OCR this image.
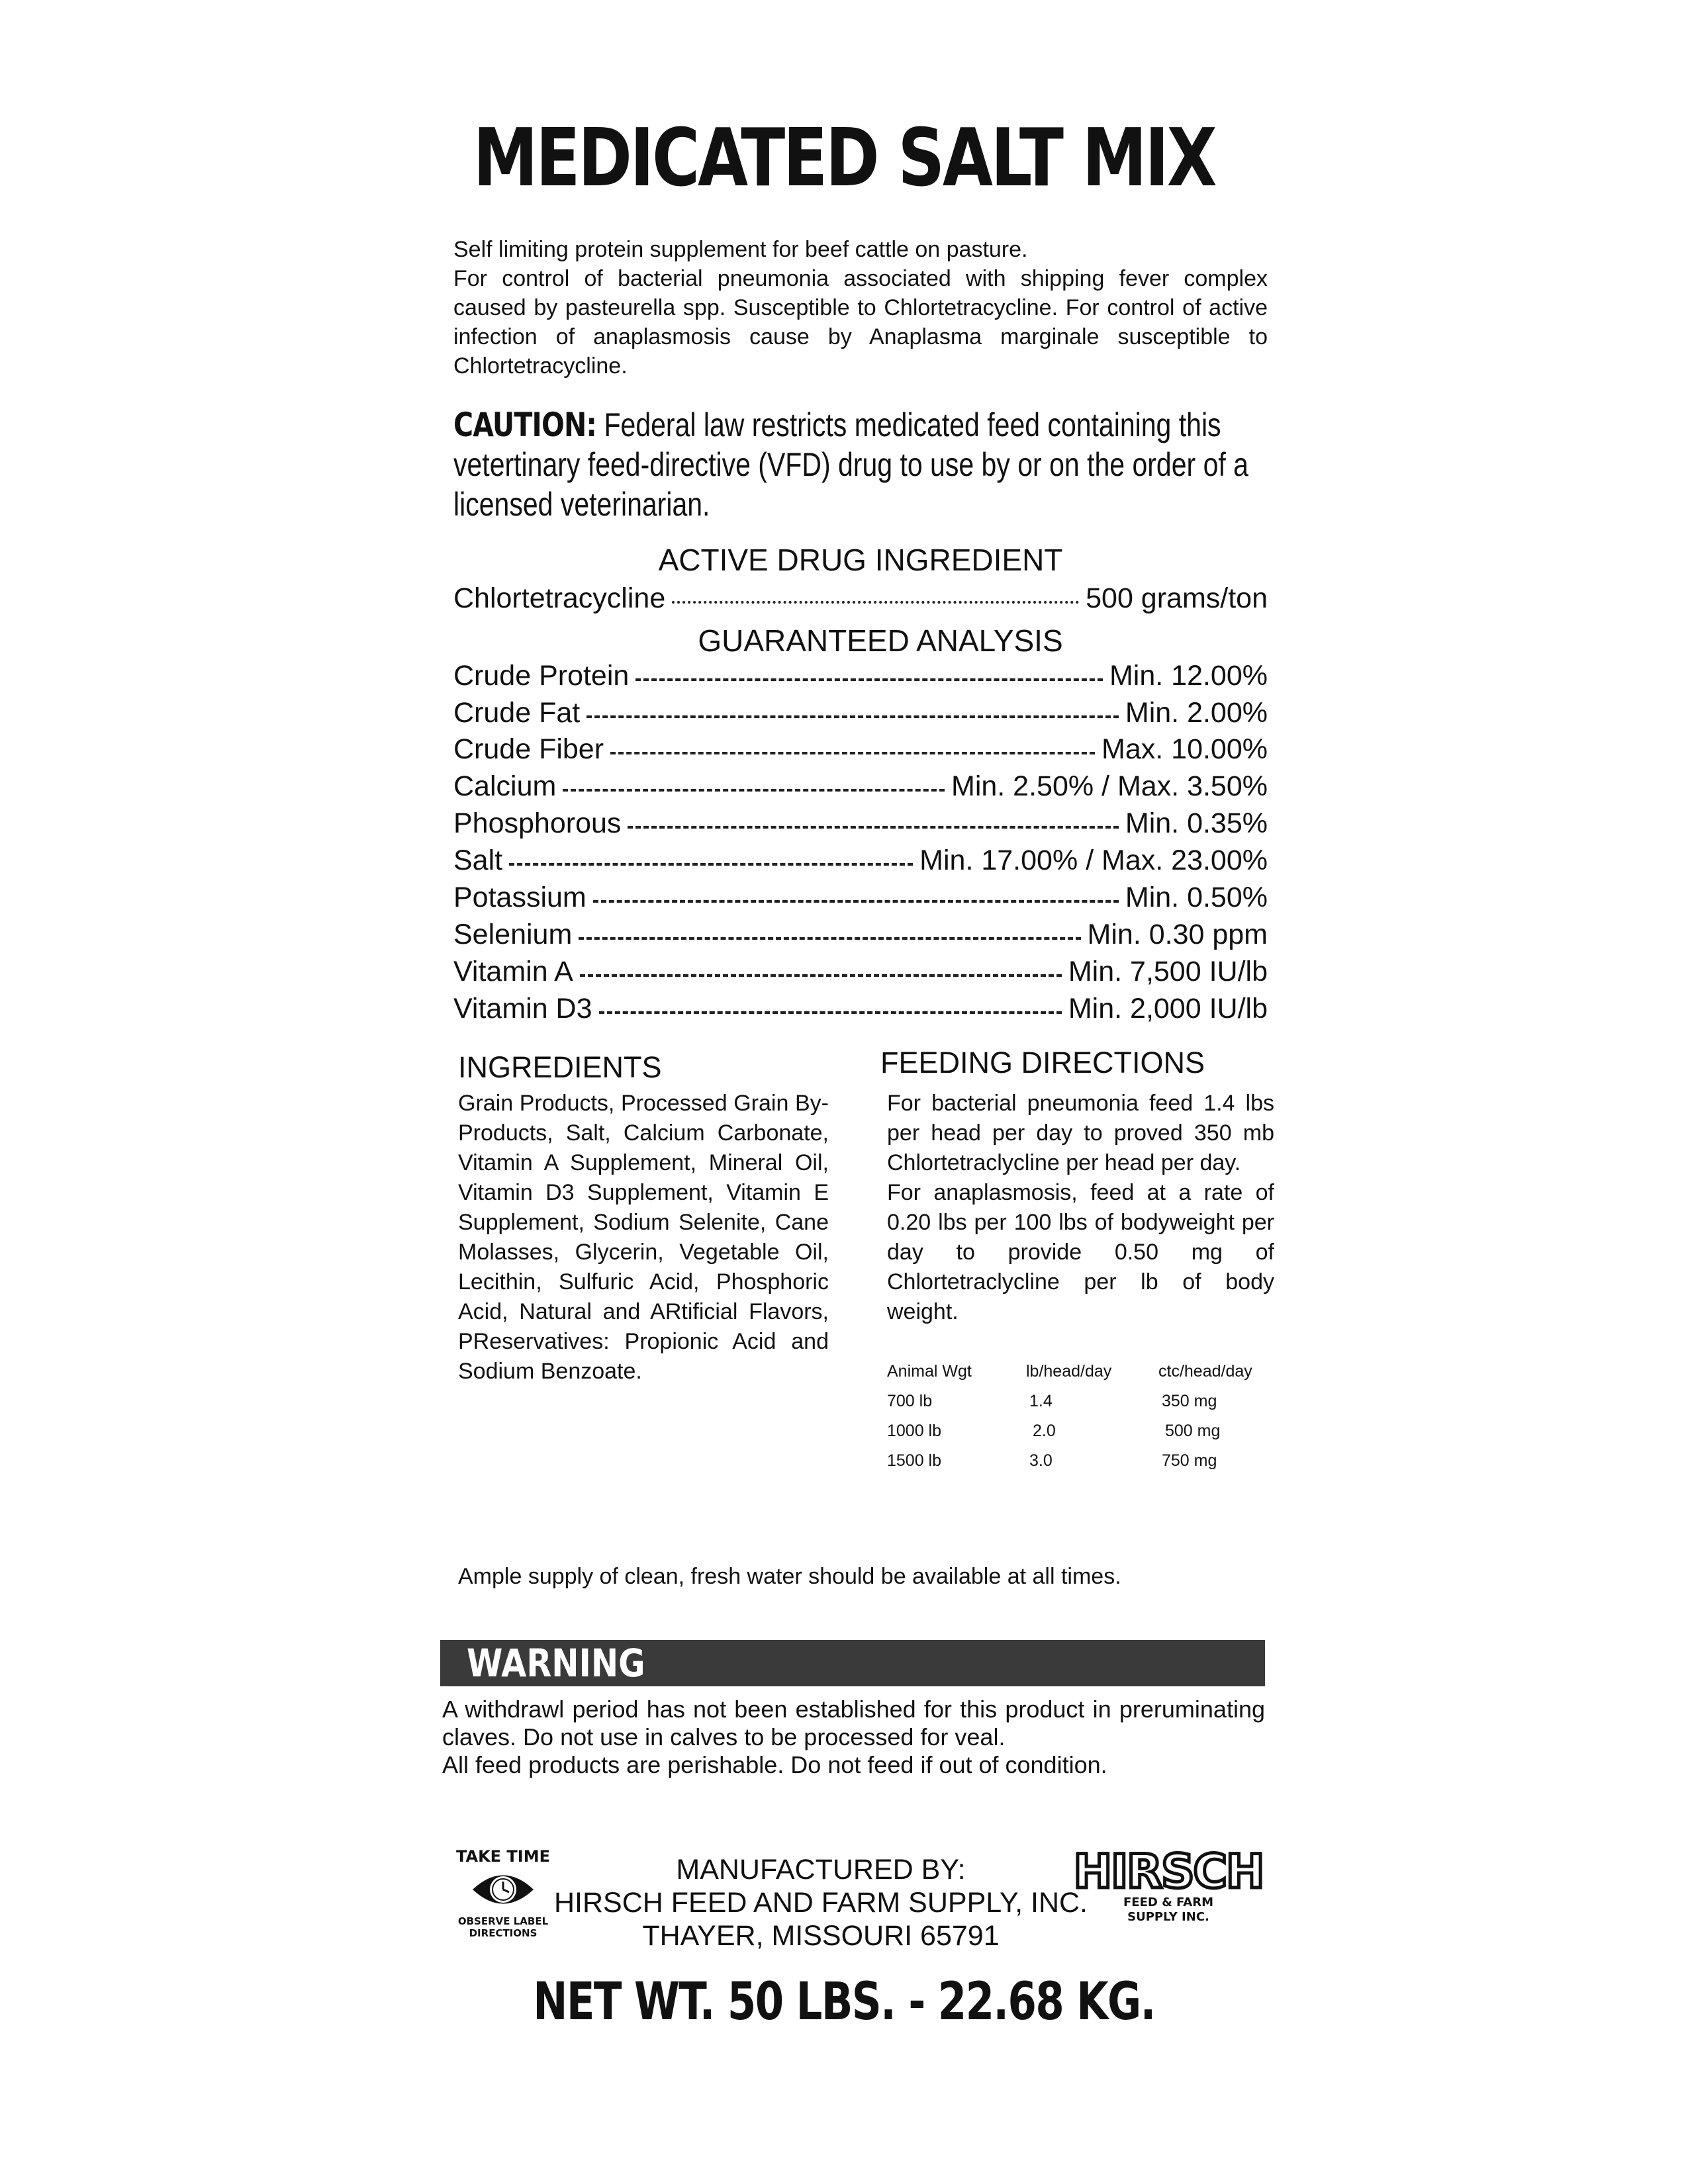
MEDICATED SALT MIX

Self limiting protein supplement for beef cattle on pasture.

For control of bacterial pneumonia associated with shipping fever complex caused by pasteurella spp. Susceptible to Chlortetracycline. For control of active infection of anaplasmosis cause by Anaplasma marginale susceptible to Chlortetracycline.

CAUTION: Federal law restricts medicated feed containing this vetertinary feed-directive (VFD) drug to use by or on the order of a licensed veterinarian.
ACTIVE DRUG INGREDIENT
Chlortetracycline	500 grams/ton
GUARANTEED ANALYSIS
Crude Protein	Min. 12.00%
Crude Fat	Min. 2.00%
Crude Fiber	Max. 10.00%
Calcium	Min. 2.50% / Max. 3.50%
Phosphorous	Min. 0.35%
Salt	Min. 17.00% / Max. 23.00%
Potassium	Min. 0.50%
Selenium	Min. 0.30 ppm
Vitamin A	Min. 7,500 IU/lb
Vitamin D3	Min. 2,000 IU/lb
INGREDIENTS
Grain Products, Processed Grain By-Products, Salt, Calcium Carbonate, Vitamin A Supplement, Mineral Oil, Vitamin D3 Supplement, Vitamin E Supplement, Sodium Selenite, Cane Molasses, Glycerin, Vegetable Oil, Lecithin, Sulfuric Acid, Phosphoric Acid, Natural and ARtificial Flavors, PReservatives: Propionic Acid and Sodium Benzoate.
FEEDING DIRECTIONS

For bacterial pneumonia feed 1.4 lbs per head per day to proved 350 mb Chlortetraclycline per head per day.

For anaplasmosis, feed at a rate of 0.20 lbs per 100 lbs of bodyweight per day to provide 0.50 mg of Chlortetraclycline per lb of body weight.

Animal Wgt	lb/head/day	ctc/head/day
700 lb	1.4	350 mg
1000 lb	2.0	500 mg
1500 lb	3.0	750 mg
Ample supply of clean, fresh water should be available at all times.
WARNING

A withdrawl period has not been established for this product in preruminating claves. Do not use in calves to be processed for veal.

All feed products are perishable. Do not feed if out of condition.

TAKE TIME
OBSERVE LABEL
DIRECTIONS
MANUFACTURED BY:
HIRSCH FEED AND FARM SUPPLY, INC.
THAYER, MISSOURI 65791
HIRSCH
FEED & FARM
SUPPLY INC.
NET WT. 50 LBS. - 22.68 KG.
